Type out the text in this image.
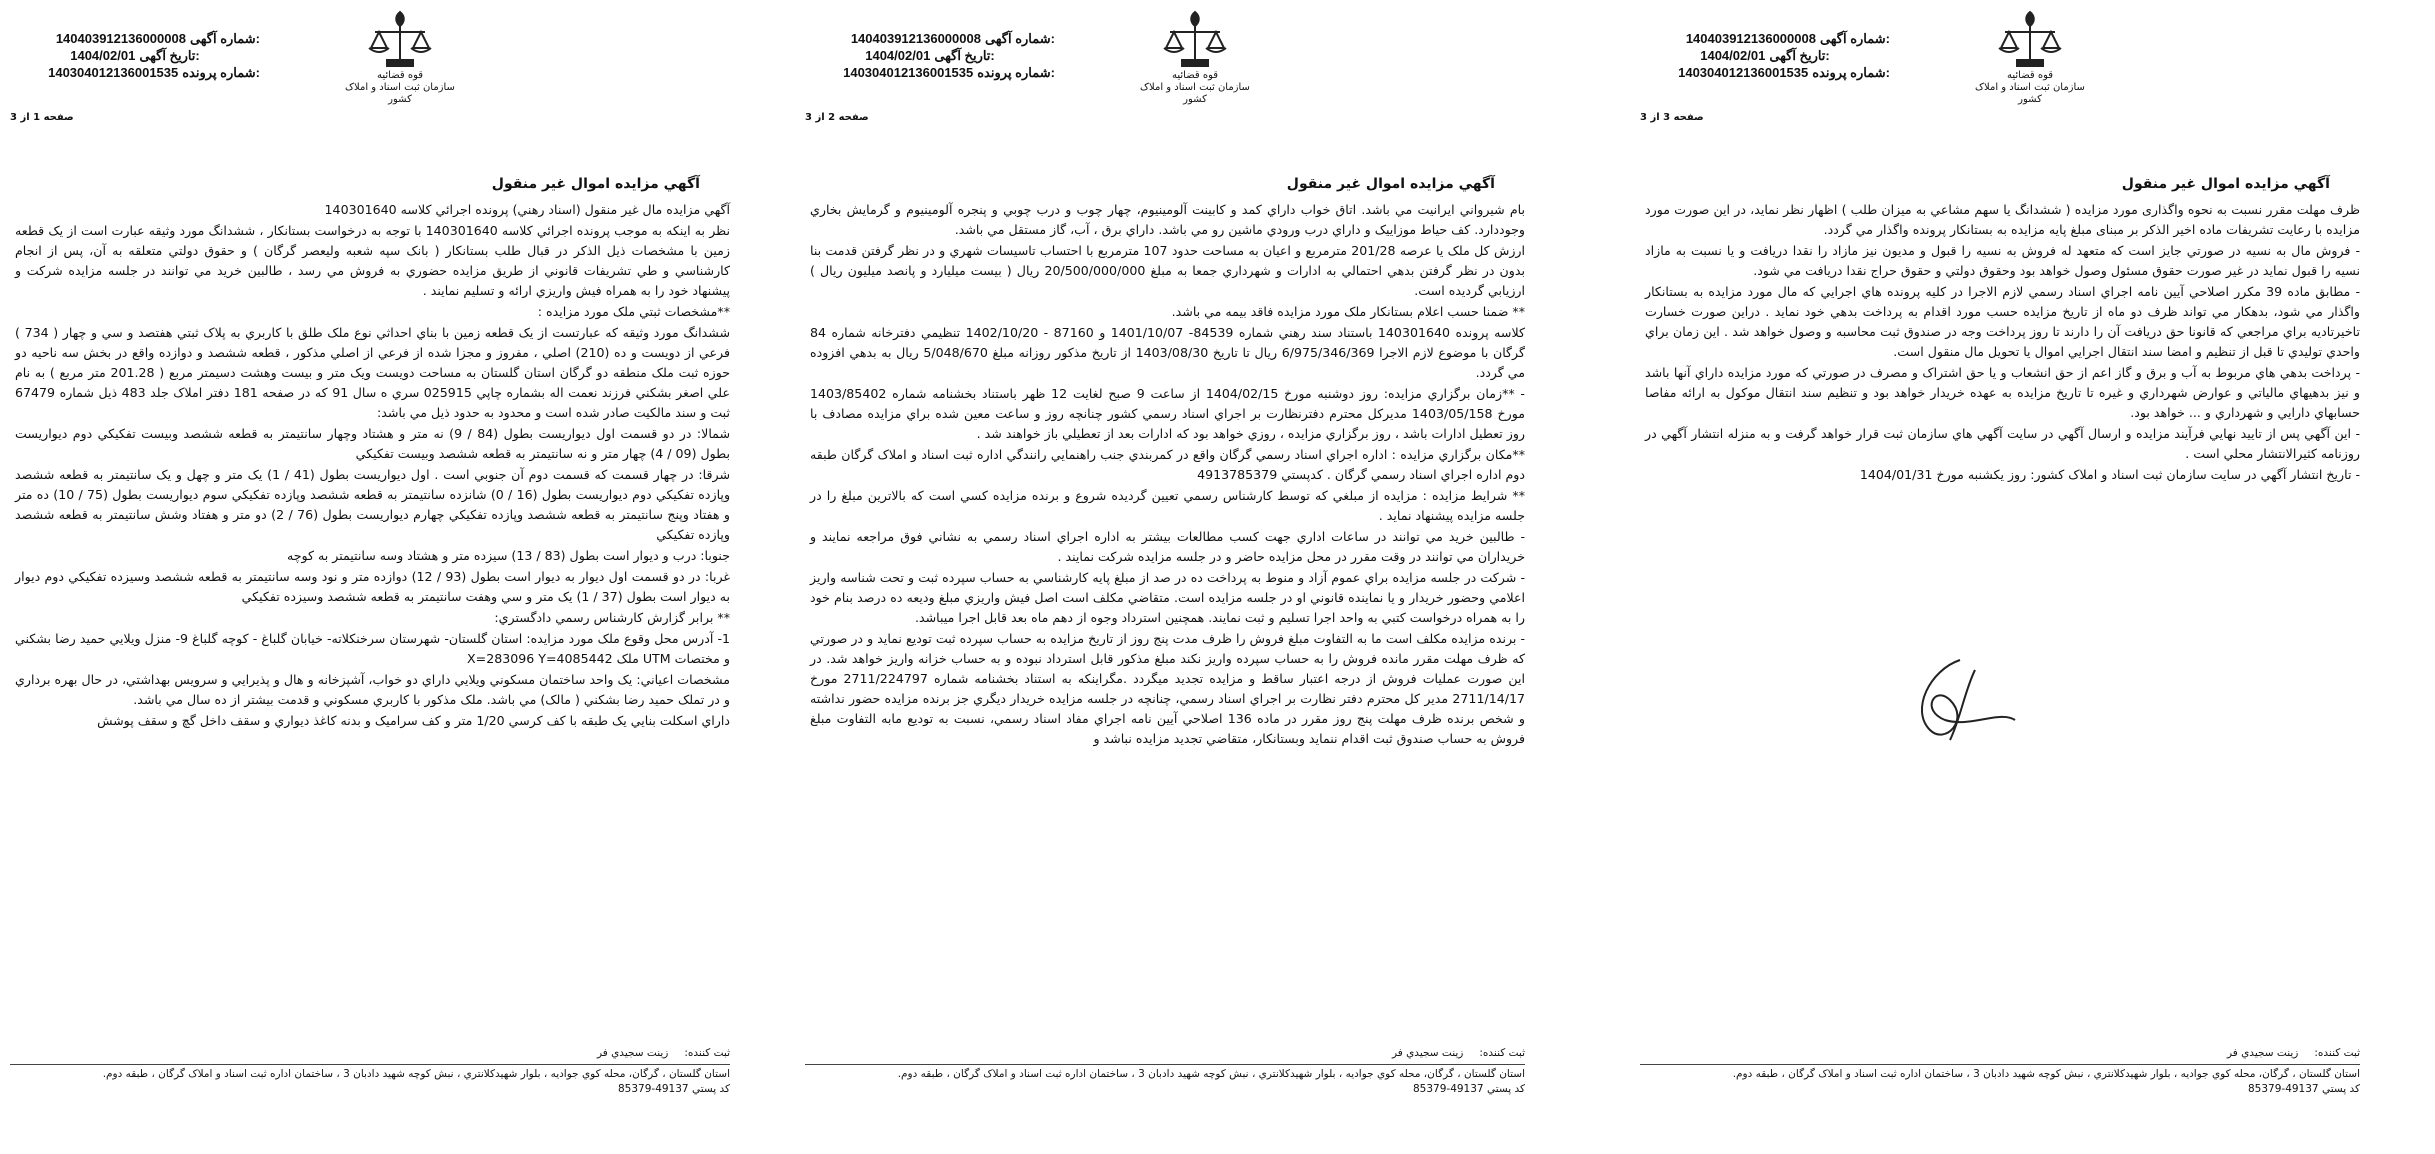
140403912136000008 شماره آگهی:
1404/02/01 تاریخ آگهی:
140304012136001535 شماره پرونده:	قوه قضائیه
سازمان ثبت اسناد و املاک کشور
صفحه 3 از 3
آگهي مزايده اموال غير منقول

ظرف مهلت مقرر نسبت به نحوه واگذاری مورد مزايده ( ششدانگ يا سهم مشاعي به ميزان طلب ) اظهار نظر نمايد، در اين صورت مورد مزايده با رعايت تشريفات ماده اخير الذکر بر مبنای مبلغ پايه مزايده به بستانکار پرونده واگذار مي گردد.

- فروش مال به نسيه در صورتي جايز است که متعهد له فروش به نسيه را قبول و مديون نيز مازاد را نقدا دريافت و يا نسبت به مازاد نسيه را قبول نمايد در غير صورت حقوق مسئول وصول خواهد بود وحقوق دولتي و حقوق حراج نقدا دريافت مي شود.

- مطابق ماده 39 مکرر اصلاحي آيين نامه اجراي اسناد رسمي لازم الاجرا در کليه پرونده هاي اجرايي که مال مورد مزايده به بستانکار واگذار مي شود، بدهکار مي تواند ظرف دو ماه از تاريخ مزايده حسب مورد اقدام به پرداخت بدهي خود نمايد . دراين صورت خسارت تاخيرتاديه براي مراجعي که قانونا حق دريافت آن را دارند تا روز پرداخت وجه در صندوق ثبت محاسبه و وصول خواهد شد . اين زمان براي واحدي توليدي تا قبل از تنظيم و امضا سند انتقال اجرايي اموال يا تحويل مال منقول است.

- پرداخت بدهي هاي مربوط به آب و برق و گاز اعم از حق انشعاب و يا حق اشتراک و مصرف در صورتي که مورد مزايده داراي آنها باشد و نيز بدهيهاي مالياتي و عوارض شهرداري و غيره تا تاريخ مزايده به عهده خريدار خواهد بود و تنظيم سند انتقال موکول به ارائه مفاصا حسابهاي دارايي و شهرداري و ... خواهد بود.

- اين آگهي پس از تاييد نهايي فرآيند مزايده و ارسال آگهي در سايت آگهي هاي سازمان ثبت قرار خواهد گرفت و به منزله انتشار آگهي در روزنامه کثيرالانتشار محلي است .

- تاريخ انتشار آگهي در سايت سازمان ثبت اسناد و املاک کشور: روز يکشنبه مورخ 1404/01/31

ثبت کننده:
زينت سجيدي فر
استان گلستان ، گرگان، محله کوي جواديه ، بلوار شهيدکلانتري ، نبش کوچه شهيد دادبان 3 ، ساختمان اداره ثبت اسناد و املاک گرگان ، طبقه دوم.
کد پستي 49137-85379
140403912136000008 شماره آگهی:
1404/02/01 تاریخ آگهی:
140304012136001535 شماره پرونده:	قوه قضائیه
سازمان ثبت اسناد و املاک کشور
صفحه 2 از 3
آگهي مزايده اموال غير منقول

بام شيرواني ايرانيت مي باشد. اتاق خواب داراي کمد و کابينت آلومينيوم، چهار چوب و درب چوبي و پنجره آلومينيوم و گرمايش بخاري وجوددارد. کف حياط موزاييک و داراي درب ورودي ماشين رو مي باشد. داراي برق ، آب، گاز مستقل مي باشد.

ارزش کل ملک يا عرصه 201/28 مترمربع و اعيان به مساحت حدود 107 مترمربع با احتساب تاسيسات شهري و در نظر گرفتن قدمت بنا بدون در نظر گرفتن بدهي احتمالي به ادارات و شهرداري جمعا به مبلغ 20/500/000/000 ريال ( بيست ميليارد و پانصد ميليون ريال ) ارزيابي گرديده است.

** ضمنا حسب اعلام بستانکار ملک مورد مزايده فاقد بيمه مي باشد.

کلاسه پرونده 140301640 باستناد سند رهني شماره 84539- 1401/10/07 و 87160 - 1402/10/20 تنظيمي دفترخانه شماره 84 گرگان با موضوع لازم الاجرا 6/975/346/369 ريال تا تاريخ 1403/08/30 از تاريخ مذکور روزانه مبلغ 5/048/670 ريال به بدهي افزوده مي گردد.

- **زمان برگزاري مزايده: روز دوشنبه مورخ 1404/02/15 از ساعت 9 صبح لغايت 12 ظهر باستناد بخشنامه شماره 1403/85402 مورخ 1403/05/158 مديرکل محترم دفترنظارت بر اجراي اسناد رسمي کشور چنانچه روز و ساعت معين شده براي مزايده مصادف با روز تعطيل ادارات باشد ، روز برگزاري مزايده ، روزي خواهد بود که ادارات بعد از تعطيلي باز خواهند شد .

**مکان برگزاري مزايده : اداره اجراي اسناد رسمي گرگان واقع در کمربندي جنب راهنمايي رانندگي اداره ثبت اسناد و املاک گرگان طبقه دوم اداره اجراي اسناد رسمي گرگان . کدپستي 4913785379

** شرايط مزايده : مزايده از مبلغي که توسط کارشناس رسمي تعيين گرديده شروع و برنده مزايده کسي است که بالاترين مبلغ را در جلسه مزايده پيشنهاد نمايد .

- طالبين خريد مي توانند در ساعات اداري جهت کسب مطالعات بيشتر به اداره اجراي اسناد رسمي به نشاني فوق مراجعه نمايند و خريداران مي توانند در وقت مقرر در محل مزايده حاضر و در جلسه مزايده شرکت نمايند .

- شرکت در جلسه مزايده براي عموم آزاد و منوط به پرداخت ده در صد از مبلغ پايه کارشناسي به حساب سپرده ثبت و تحت شناسه واريز اعلامي وحضور خريدار و يا نماينده قانوني او در جلسه مزايده است. متقاضي مکلف است اصل فيش واريزي مبلغ وديعه ده درصد بنام خود را به همراه درخواست کتبي به واحد اجرا تسليم و ثبت نمايند. همچنين استرداد وجوه از دهم ماه بعد قابل اجرا ميباشد.

- برنده مزايده مکلف است ما به التفاوت مبلغ فروش را ظرف مدت پنج روز از تاريخ مزايده به حساب سپرده ثبت توديع نمايد و در صورتي که ظرف مهلت مقرر مانده فروش را به حساب سپرده واريز نکند مبلغ مذکور قابل استرداد نبوده و به حساب خزانه واريز خواهد شد. در اين صورت عمليات فروش از درجه اعتبار ساقط و مزايده تجديد ميگردد .مگراينکه به استناد بخشنامه شماره 2711/224797 مورخ 2711/14/17 مدير کل محترم دفتر نظارت بر اجراي اسناد رسمي، چنانچه در جلسه مزايده خريدار ديگري جز برنده مزايده حضور نداشته و شخص برنده ظرف مهلت پنج روز مقرر در ماده 136 اصلاحي آيين نامه اجراي مفاد اسناد رسمي، نسبت به توديع مابه التفاوت مبلغ فروش به حساب صندوق ثبت اقدام ننمايد وبستانکار، متقاضي تجديد مزايده نباشد و

ثبت کننده:
زينت سجيدي فر
استان گلستان ، گرگان، محله کوي جواديه ، بلوار شهيدکلانتري ، نبش کوچه شهيد دادبان 3 ، ساختمان اداره ثبت اسناد و املاک گرگان ، طبقه دوم.
کد پستي 49137-85379
140403912136000008 شماره آگهی:
1404/02/01 تاریخ آگهی:
140304012136001535 شماره پرونده:	قوه قضائیه
سازمان ثبت اسناد و املاک کشور
صفحه 1 از 3
آگهي مزايده اموال غير منقول

آگهي مزايده مال غير منقول (اسناد رهني) پرونده اجرائي کلاسه 140301640

نظر به اينکه به موجب پرونده اجرائي کلاسه 140301640 با توجه به درخواست بستانکار ، ششدانگ مورد وثيقه عبارت است از يک قطعه زمين با مشخصات ذيل الذکر در قبال طلب بستانکار ( بانک سپه شعبه وليعصر گرگان ) و حقوق دولتي متعلقه به آن، پس از انجام کارشناسي و طي تشريفات قانوني از طريق مزايده حضوري به فروش مي رسد ، طالبين خريد مي توانند در جلسه مزايده شرکت و پيشنهاد خود را به همراه فيش واريزي ارائه و تسليم نمايند .

**مشخصات ثبتي ملک مورد مزايده :

ششدانگ مورد وثيقه که عبارتست از يک قطعه زمين با بناي احداثي نوع ملک طلق با کاربري به پلاک ثبتي هفتصد و سي و چهار ( 734 ) فرعي از دويست و ده (210) اصلي ، مفروز و مجزا شده از فرعي از اصلي مذکور ، قطعه ششصد و دوازده واقع در بخش سه ناحيه دو حوزه ثبت ملک منطقه دو گرگان استان گلستان به مساحت دويست ويک متر و بيست وهشت دسيمتر مربع ( 201.28 متر مربع ) به نام علي اصغر بشکني فرزند نعمت اله بشماره چاپي 025915 سري ه سال 91 که در صفحه 181 دفتر املاک جلد 483 ذيل شماره 67479 ثبت و سند مالکيت صادر شده است و محدود به حدود ذيل مي باشد:

شمالا: در دو قسمت اول ديواريست بطول (84 / 9) نه متر و هشتاد وچهار سانتيمتر به قطعه ششصد وبيست تفکيکي دوم ديواريست بطول (09 / 4) چهار متر و نه سانتيمتر به قطعه ششصد وبيست تفکيکي

شرقا: در چهار قسمت که قسمت دوم آن جنوبي است . اول ديواريست بطول (41 / 1) يک متر و چهل و يک سانتيمتر به قطعه ششصد وپازده تفکيکي دوم ديواريست بطول (16 / 0) شانزده سانتيمتر به قطعه ششصد وپازده تفکيکي سوم ديواريست بطول (75 / 10) ده متر و هفتاد وپنج سانتيمتر به قطعه ششصد وپازده تفکيکي چهارم ديواريست بطول (76 / 2) دو متر و هفتاد وشش سانتيمتر به قطعه ششصد وپازده تفکيکي

جنوبا: درب و ديوار است بطول (83 / 13) سيزده متر و هشتاد وسه سانتيمتر به کوچه

غربا: در دو قسمت اول ديوار به ديوار است بطول (93 / 12) دوازده متر و نود وسه سانتيمتر به قطعه ششصد وسيزده تفکيکي دوم ديوار به ديوار است بطول (37 / 1) يک متر و سي وهفت سانتيمتر به قطعه ششصد وسيزده تفکيکي

** برابر گزارش کارشناس رسمي دادگستري:

1- آدرس محل وقوع ملک مورد مزايده: استان گلستان- شهرستان سرخنکلاته- خيابان گلباغ - کوچه گلباغ 9- منزل ويلايي حميد رضا بشکني و مختصات UTM ملک X=283096 Y=4085442

مشخصات اعياني: يک واحد ساختمان مسکوني ويلايي داراي دو خواب، آشپزخانه و هال و پذيرايي و سرويس بهداشتي، در حال بهره برداري و در تملک حميد رضا بشکني ( مالک) مي باشد. ملک مذکور با کاربري مسکوني و قدمت بيشتر از ده سال مي باشد.

داراي اسکلت بنايي يک طبقه با کف کرسي 1/20 متر و کف سراميک و بدنه کاغذ ديواري و سقف داخل گچ و سقف پوشش

ثبت کننده:
زينت سجيدي فر
استان گلستان ، گرگان، محله کوي جواديه ، بلوار شهيدکلانتري ، نبش کوچه شهيد دادبان 3 ، ساختمان اداره ثبت اسناد و املاک گرگان ، طبقه دوم.
کد پستي 49137-85379
